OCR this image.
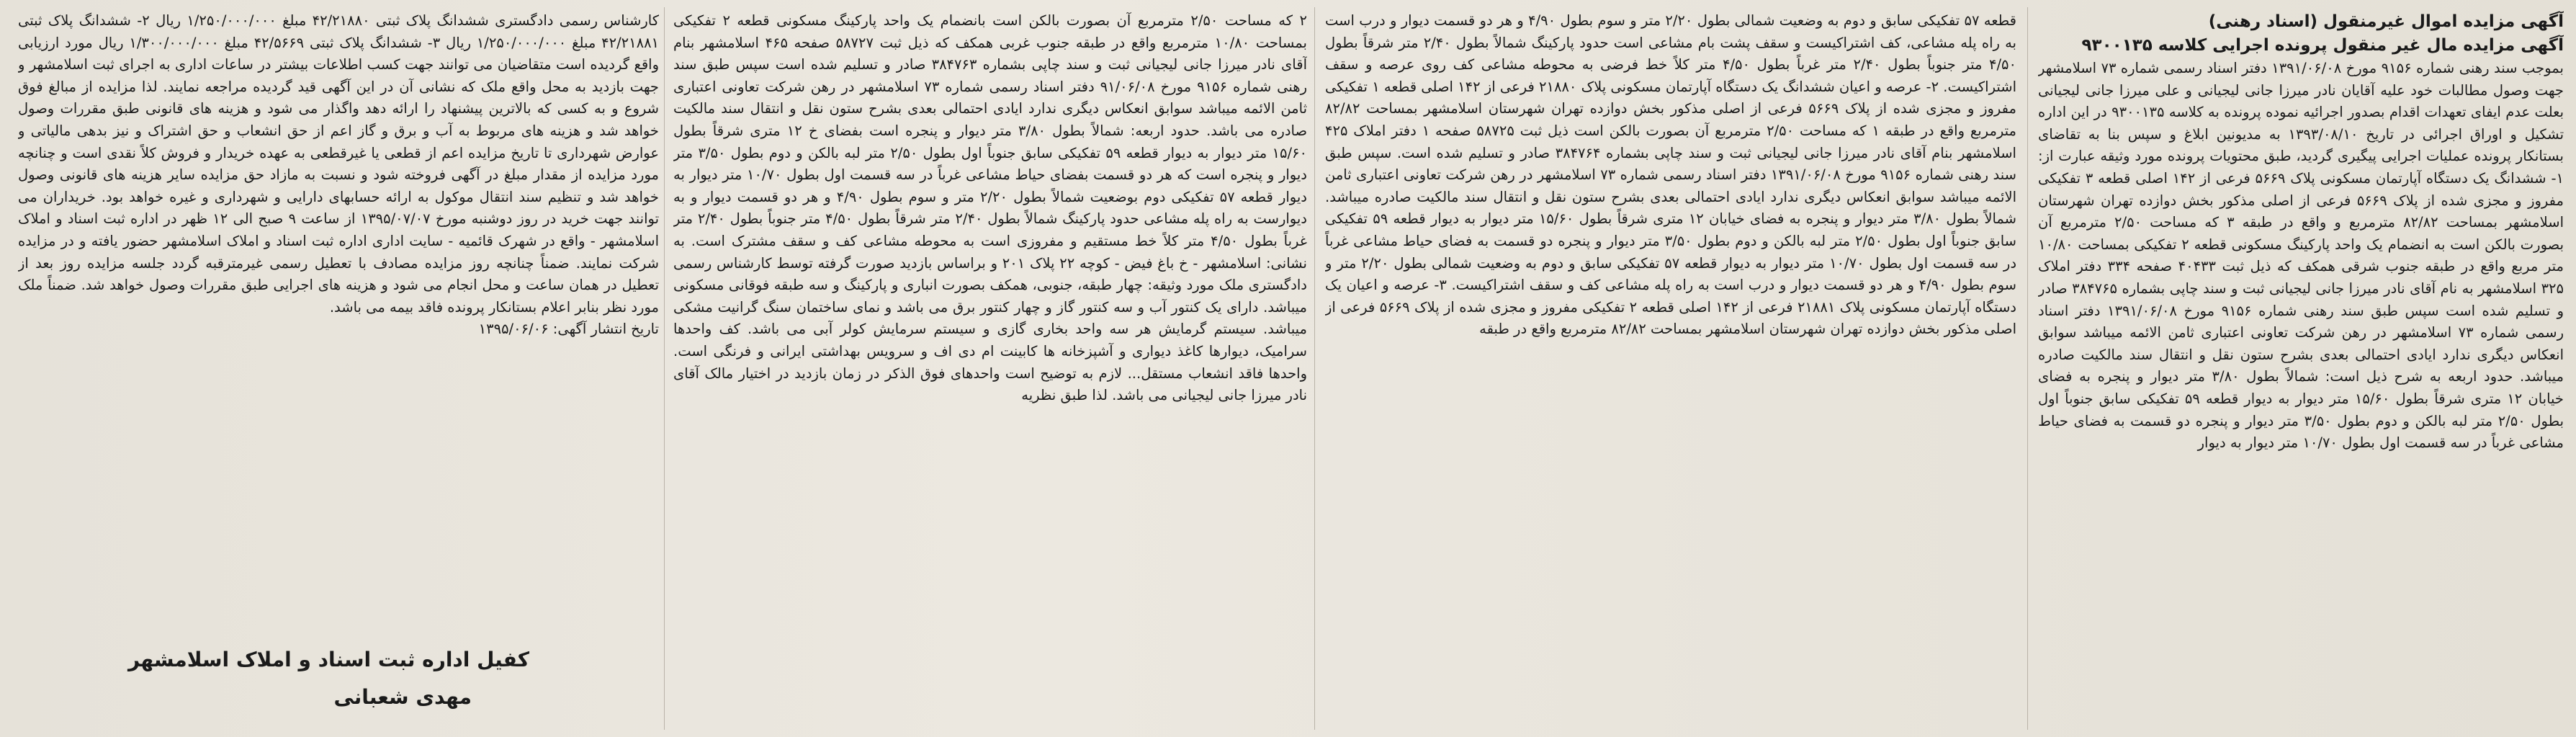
آگهی مزایده اموال غیرمنقول (اسناد رهنی)

آگهی مزایده مال غیر منقول پرونده اجرایی کلاسه ۹۳۰۰۱۳۵

بموجب سند رهنی شماره ۹۱۵۶ مورخ ۱۳۹۱/۰۶/۰۸ دفتر اسناد رسمی شماره ۷۳ اسلامشهر جهت وصول مطالبات خود علیه آقایان نادر میرزا جانی لیجیانی و علی میرزا جانی لیجیانی بعلت عدم ایفای تعهدات اقدام بصدور اجرائیه نموده پرونده به کلاسه ۹۳۰۰۱۳۵ در این اداره تشکیل و اوراق اجرائی در تاریخ ۱۳۹۳/۰۸/۱۰ به مدیونین ابلاغ و سپس بنا به تقاضای بستانکار پرونده عملیات اجرایی پیگیری گردید، طبق محتویات پرونده مورد وثیقه عبارت از: ۱- ششدانگ یک دستگاه آپارتمان مسکونی پلاک ۵۶۶۹ فرعی از ۱۴۲ اصلی قطعه ۳ تفکیکی مفروز و مجزی شده از پلاک ۵۶۶۹ فرعی از اصلی مذکور بخش دوازده تهران شهرستان اسلامشهر بمساحت ۸۲/۸۲ مترمربع و واقع در طبقه ۳ که مساحت ۲/۵۰ مترمربع آن بصورت بالکن است به انضمام یک واحد پارکینگ مسکونی قطعه ۲ تفکیکی بمساحت ۱۰/۸۰ متر مربع واقع در طبقه جنوب شرقی همکف که ذیل ثبت ۴۰۴۳۳ صفحه ۳۳۴ دفتر املاک ۳۲۵ اسلامشهر به نام آقای نادر میرزا جانی لیجیانی ثبت و سند چاپی بشماره ۳۸۴۷۶۵ صادر و تسلیم شده است سپس طبق سند رهنی شماره ۹۱۵۶ مورخ ۱۳۹۱/۰۶/۰۸ دفتر اسناد رسمی شماره ۷۳ اسلامشهر در رهن شرکت تعاونی اعتباری ثامن الائمه میباشد سوابق انعکاس دیگری ندارد ایادی احتمالی بعدی بشرح ستون نقل و انتقال سند مالکیت صادره میباشد. حدود اربعه به شرح ذیل است: شمالاً بطول ۳/۸۰ متر دیوار و پنجره به فضای خیابان ۱۲ متری شرقاً بطول ۱۵/۶۰ متر دیوار به دیوار قطعه ۵۹ تفکیکی سابق جنوباً اول بطول ۲/۵۰ متر لبه بالکن و دوم بطول ۳/۵۰ متر دیوار و پنجره دو قسمت به فضای حیاط مشاعی غرباً در سه قسمت اول بطول ۱۰/۷۰ متر دیوار به دیوار

قطعه ۵۷ تفکیکی سابق و دوم به وضعیت شمالی بطول ۲/۲۰ متر و سوم بطول ۴/۹۰ و هر دو قسمت دیوار و درب است به راه پله مشاعی، کف اشتراکیست و سقف پشت بام مشاعی است حدود پارکینگ شمالاً بطول ۲/۴۰ متر شرقاً بطول ۴/۵۰ متر جنوباً بطول ۲/۴۰ متر غرباً بطول ۴/۵۰ متر کلاً خط فرضی به محوطه مشاعی کف روی عرصه و سقف اشتراکیست. ۲- عرصه و اعیان ششدانگ یک دستگاه آپارتمان مسکونی پلاک ۲۱۸۸۰ فرعی از ۱۴۲ اصلی قطعه ۱ تفکیکی مفروز و مجزی شده از پلاک ۵۶۶۹ فرعی از اصلی مذکور بخش دوازده تهران شهرستان اسلامشهر بمساحت ۸۲/۸۲ مترمربع واقع در طبقه ۱ که مساحت ۲/۵۰ مترمربع آن بصورت بالکن است ذیل ثبت ۵۸۷۲۵ صفحه ۱ دفتر املاک ۴۲۵ اسلامشهر بنام آقای نادر میرزا جانی لیجیانی ثبت و سند چاپی بشماره ۳۸۴۷۶۴ صادر و تسلیم شده است. سپس طبق سند رهنی شماره ۹۱۵۶ مورخ ۱۳۹۱/۰۶/۰۸ دفتر اسناد رسمی شماره ۷۳ اسلامشهر در رهن شرکت تعاونی اعتباری ثامن الائمه میباشد سوابق انعکاس دیگری ندارد ایادی احتمالی بعدی بشرح ستون نقل و انتقال سند مالکیت صادره میباشد. شمالاً بطول ۳/۸۰ متر دیوار و پنجره به فضای خیابان ۱۲ متری شرقاً بطول ۱۵/۶۰ متر دیوار به دیوار قطعه ۵۹ تفکیکی سابق جنوباً اول بطول ۲/۵۰ متر لبه بالکن و دوم بطول ۳/۵۰ متر دیوار و پنجره دو قسمت به فضای حیاط مشاعی غرباً در سه قسمت اول بطول ۱۰/۷۰ متر دیوار به دیوار قطعه ۵۷ تفکیکی سابق و دوم به وضعیت شمالی بطول ۲/۲۰ متر و سوم بطول ۴/۹۰ و هر دو قسمت دیوار و درب است به راه پله مشاعی کف و سقف اشتراکیست. ۳- عرصه و اعیان یک دستگاه آپارتمان مسکونی پلاک ۲۱۸۸۱ فرعی از ۱۴۲ اصلی قطعه ۲ تفکیکی مفروز و مجزی شده از پلاک ۵۶۶۹ فرعی از اصلی مذکور بخش دوازده تهران شهرستان اسلامشهر بمساحت ۸۲/۸۲ مترمربع واقع در طبقه

۲ که مساحت ۲/۵۰ مترمربع آن بصورت بالکن است بانضمام یک واحد پارکینگ مسکونی قطعه ۲ تفکیکی بمساحت ۱۰/۸۰ مترمربع واقع در طبقه جنوب غربی همکف که ذیل ثبت ۵۸۷۲۷ صفحه ۴۶۵ اسلامشهر بنام آقای نادر میرزا جانی لیجیانی ثبت و سند چاپی بشماره ۳۸۴۷۶۳ صادر و تسلیم شده است سپس طبق سند رهنی شماره ۹۱۵۶ مورخ ۹۱/۰۶/۰۸ دفتر اسناد رسمی شماره ۷۳ اسلامشهر در رهن شرکت تعاونی اعتباری ثامن الائمه میباشد سوابق انعکاس دیگری ندارد ایادی احتمالی بعدی بشرح ستون نقل و انتقال سند مالکیت صادره می باشد. حدود اربعه: شمالاً بطول ۳/۸۰ متر دیوار و پنجره است بفضای خ ۱۲ متری شرقاً بطول ۱۵/۶۰ متر دیوار به دیوار قطعه ۵۹ تفکیکی سابق جنوباً اول بطول ۲/۵۰ متر لبه بالکن و دوم بطول ۳/۵۰ متر دیوار و پنجره است که هر دو قسمت بفضای حیاط مشاعی غرباً در سه قسمت اول بطول ۱۰/۷۰ متر دیوار به دیوار قطعه ۵۷ تفکیکی دوم بوضعیت شمالاً بطول ۲/۲۰ متر و سوم بطول ۴/۹۰ و هر دو قسمت دیوار و به دیوارست به راه پله مشاعی حدود پارکینگ شمالاً بطول ۲/۴۰ متر شرقاً بطول ۴/۵۰ متر جنوباً بطول ۲/۴۰ متر غرباً بطول ۴/۵۰ متر کلاً خط مستقیم و مفروزی است به محوطه مشاعی کف و سقف مشترک است. به نشانی: اسلامشهر - خ باغ فیض - کوچه ۲۲ پلاک ۲۰۱ و براساس بازدید صورت گرفته توسط کارشناس رسمی دادگستری ملک مورد وثیقه: چهار طبقه، جنوبی، همکف بصورت انباری و پارکینگ و سه طبقه فوقانی مسکونی میباشد. دارای یک کنتور آب و سه کنتور گاز و چهار کنتور برق می باشد و نمای ساختمان سنگ گرانیت مشکی میباشد. سیستم گرمایش هر سه واحد بخاری گازی و سیستم سرمایش کولر آبی می باشد. کف واحدها سرامیک، دیوارها کاغذ دیواری و آشپزخانه ها کابینت ام دی اف و سرویس بهداشتی ایرانی و فرنگی است. واحدها فاقد انشعاب مستقل... لازم به توضیح است واحدهای فوق الذکر در زمان بازدید در اختیار مالک آقای نادر میرزا جانی لیجیانی می باشد. لذا طبق نظریه

کارشناس رسمی دادگستری ششدانگ پلاک ثبتی ۴۲/۲۱۸۸۰ مبلغ ۱/۲۵۰/۰۰۰/۰۰۰ ریال ۲- ششدانگ پلاک ثبتی ۴۲/۲۱۸۸۱ مبلغ ۱/۲۵۰/۰۰۰/۰۰۰ ریال ۳- ششدانگ پلاک ثبتی ۴۲/۵۶۶۹ مبلغ ۱/۳۰۰/۰۰۰/۰۰۰ ریال مورد ارزیابی واقع گردیده است متقاضیان می توانند جهت کسب اطلاعات بیشتر در ساعات اداری به اجرای ثبت اسلامشهر و جهت بازدید به محل واقع ملک که نشانی آن در این آگهی قید گردیده مراجعه نمایند. لذا مزایده از مبالغ فوق شروع و به کسی که بالاترین پیشنهاد را ارائه دهد واگذار می شود و هزینه های قانونی طبق مقررات وصول خواهد شد و هزینه های مربوط به آب و برق و گاز اعم از حق انشعاب و حق اشتراک و نیز بدهی مالیاتی و عوارض شهرداری تا تاریخ مزایده اعم از قطعی یا غیرقطعی به عهده خریدار و فروش کلاً نقدی است و چنانچه مورد مزایده از مقدار مبلغ در آگهی فروخته شود و نسبت به مازاد حق مزایده سایر هزینه های قانونی وصول خواهد شد و تنظیم سند انتقال موکول به ارائه حسابهای دارایی و شهرداری و غیره خواهد بود. خریداران می توانند جهت خرید در روز دوشنبه مورخ ۱۳۹۵/۰۷/۰۷ از ساعت ۹ صبح الی ۱۲ ظهر در اداره ثبت اسناد و املاک اسلامشهر - واقع در شهرک قائمیه - سایت اداری اداره ثبت اسناد و املاک اسلامشهر حضور یافته و در مزایده شرکت نمایند. ضمناً چنانچه روز مزایده مصادف با تعطیل رسمی غیرمترقبه گردد جلسه مزایده روز بعد از تعطیل در همان ساعت و محل انجام می شود و هزینه های اجرایی طبق مقررات وصول خواهد شد. ضمناً ملک مورد نظر بنابر اعلام بستانکار پرونده فاقد بیمه می باشد.

تاریخ انتشار آگهی: ۱۳۹۵/۰۶/۰۶

کفیل اداره ثبت اسناد و املاک اسلامشهر
مهدی شعبانی
